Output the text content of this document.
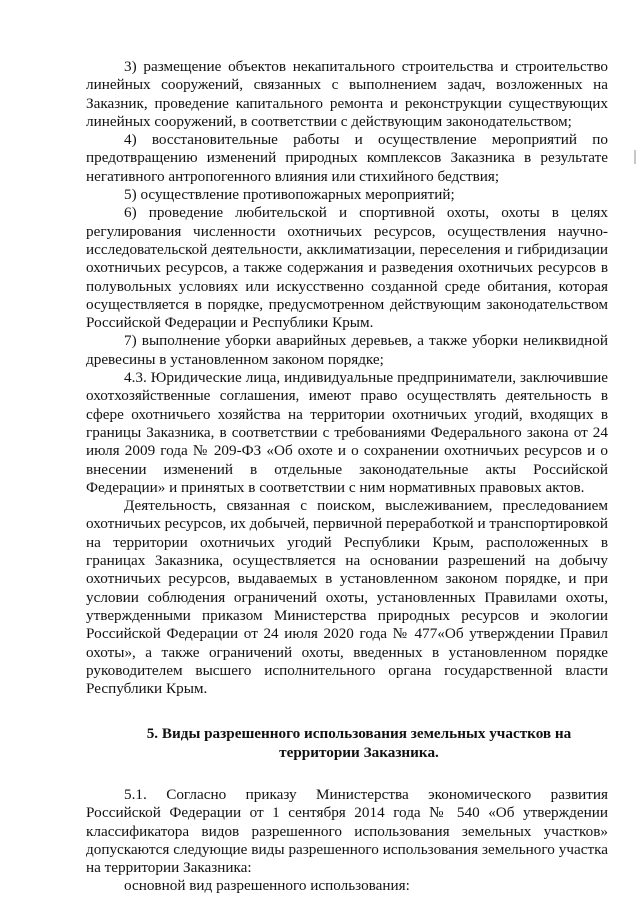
3) размещение объектов некапитального строительства и строительство линейных сооружений, связанных с выполнением задач, возложенных на Заказник, проведение капитального ремонта и реконструкции существующих линейных сооружений, в соответствии с действующим законодательством;

4) восстановительные работы и осуществление мероприятий по предотвращению изменений природных комплексов Заказника в результате негативного антропогенного влияния или стихийного бедствия;

5) осуществление противопожарных мероприятий;

6) проведение любительской и спортивной охоты, охоты в целях регулирования численности охотничьих ресурсов, осуществления научно-исследовательской деятельности, акклиматизации, переселения и гибридизации охотничьих ресурсов, а также содержания и разведения охотничьих ресурсов в полувольных условиях или искусственно созданной среде обитания, которая осуществляется в порядке, предусмотренном действующим законодательством Российской Федерации и Республики Крым.

7) выполнение уборки аварийных деревьев, а также уборки неликвидной древесины в установленном законом порядке;

4.3. Юридические лица, индивидуальные предприниматели, заключившие охотхозяйственные соглашения, имеют право осуществлять деятельность в сфере охотничьего хозяйства на территории охотничьих угодий, входящих в границы Заказника, в соответствии с требованиями Федерального закона от 24 июля 2009 года № 209-ФЗ «Об охоте и о сохранении охотничьих ресурсов и о внесении изменений в отдельные законодательные акты Российской Федерации» и принятых в соответствии с ним нормативных правовых актов.

Деятельность, связанная с поиском, выслеживанием, преследованием охотничьих ресурсов, их добычей, первичной переработкой и транспортировкой на территории охотничьих угодий Республики Крым, расположенных в границах Заказника, осуществляется на основании разрешений на добычу охотничьих ресурсов, выдаваемых в установленном законом порядке, и при условии соблюдения ограничений охоты, установленных Правилами охоты, утвержденными приказом Министерства природных ресурсов и экологии Российской Федерации от 24 июля 2020 года № 477«Об утверждении Правил охоты», а также ограничений охоты, введенных в установленном порядке руководителем высшего исполнительного органа государственной власти Республики Крым.

5. Виды разрешенного использования земельных участков на территории Заказника.

5.1. Согласно приказу Министерства экономического развития Российской Федерации от 1 сентября 2014 года № 540 «Об утверждении классификатора видов разрешенного использования земельных участков» допускаются следующие виды разрешенного использования земельного участка на территории Заказника:

основной вид разрешенного использования:
